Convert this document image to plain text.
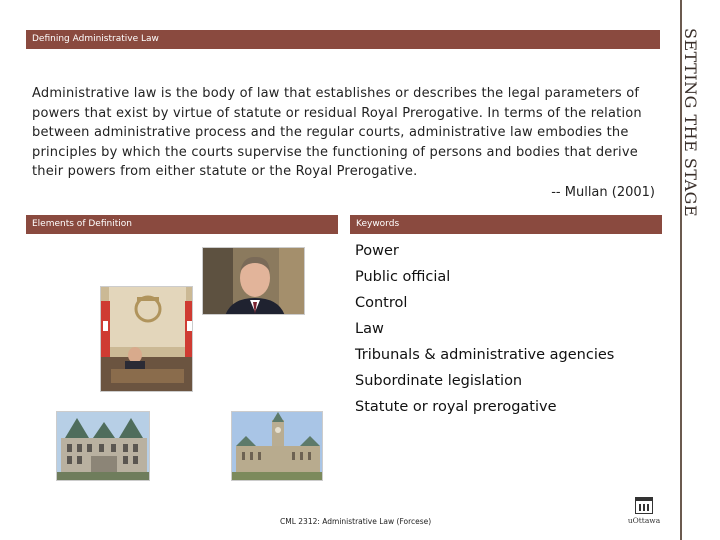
SETTING THE STAGE
Defining Administrative Law
Administrative law is the body of law that establishes or describes the legal parameters of powers that exist by virtue of statute or residual Royal Prerogative. In terms of the relation between administrative process and the regular courts, administrative law embodies the principles by which the courts supervise the functioning of persons and bodies that derive their powers from either statute or the Royal Prerogative.
-- Mullan (2001)
Elements of Definition	Keywords
Power
Public official
Control
Law
Tribunals & administrative agencies
Subordinate legislation
Statute or royal prerogative
CML 2312: Administrative Law (Forcese)	uOttawa
